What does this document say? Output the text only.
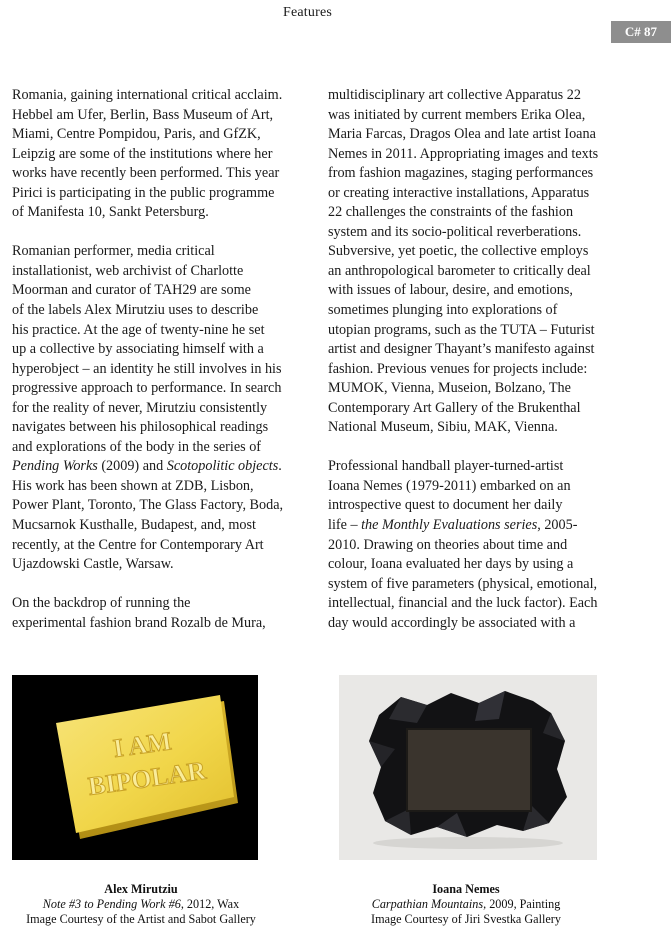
Features
C# 87
Romania, gaining international critical acclaim.
Hebbel am Ufer, Berlin, Bass Museum of Art,
Miami, Centre Pompidou, Paris, and GfZK,
Leipzig are some of the institutions where her
works have recently been performed. This year
Pirici is participating in the public programme
of Manifesta 10, Sankt Petersburg.
Romanian performer, media critical
installationist, web archivist of Charlotte
Moorman and curator of TAH29 are some
of the labels Alex Mirutziu uses to describe
his practice. At the age of twenty-nine he set
up a collective by associating himself with a
hyperobject – an identity he still involves in his
progressive approach to performance. In search
for the reality of never, Mirutziu consistently
navigates between his philosophical readings
and explorations of the body in the series of
Pending Works (2009) and Scotopolitic objects.
His work has been shown at ZDB, Lisbon,
Power Plant, Toronto, The Glass Factory, Boda,
Mucsarnok Kusthalle, Budapest, and, most
recently, at the Centre for Contemporary Art
Ujazdowski Castle, Warsaw.
On the backdrop of running the
experimental fashion brand Rozalb de Mura,
multidisciplinary art collective Apparatus 22
was initiated by current members Erika Olea,
Maria Farcas, Dragos Olea and late artist Ioana
Nemes in 2011. Appropriating images and texts
from fashion magazines, staging performances
or creating interactive installations, Apparatus
22 challenges the constraints of the fashion
system and its socio-political reverberations.
Subversive, yet poetic, the collective employs
an anthropological barometer to critically deal
with issues of labour, desire, and emotions,
sometimes plunging into explorations of
utopian programs, such as the TUTA – Futurist
artist and designer Thayant’s manifesto against
fashion. Previous venues for projects include:
MUMOK, Vienna, Museion, Bolzano, The
Contemporary Art Gallery of the Brukenthal
National Museum, Sibiu, MAK, Vienna.
Professional handball player-turned-artist
Ioana Nemes (1979-2011) embarked on an
introspective quest to document her daily
life – the Monthly Evaluations series, 2005-
2010. Drawing on theories about time and
colour, Ioana evaluated her days by using a
system of five parameters (physical, emotional,
intellectual, financial and the luck factor). Each
day would accordingly be associated with a
I AM
BIPOLAR
Alex Mirutziu
Note #3 to Pending Work #6, 2012, Wax
Image Courtesy of the Artist and Sabot Gallery
Ioana Nemes
Carpathian Mountains, 2009, Painting
Image Courtesy of Jiri Svestka Gallery
